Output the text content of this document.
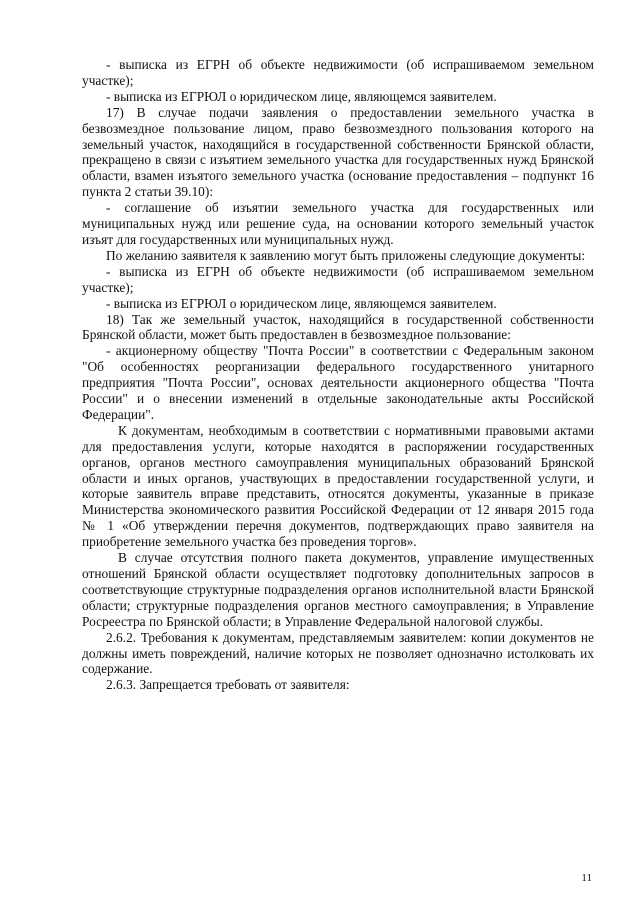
- выписка из ЕГРН об объекте недвижимости (об испрашиваемом земельном участке);

- выписка из ЕГРЮЛ о юридическом лице, являющемся заявителем.

17) В случае подачи заявления о предоставлении земельного участка в безвозмездное пользование лицом, право безвозмездного пользования которого на земельный участок, находящийся в государственной собственности Брянской области, прекращено в связи с изъятием земельного участка для государственных нужд Брянской области, взамен изъятого земельного участка (основание предоставления – подпункт 16 пункта 2 статьи 39.10):

- соглашение об изъятии земельного участка для государственных или муниципальных нужд или решение суда, на основании которого земельный участок изъят для государственных или муниципальных нужд.

По желанию заявителя к заявлению могут быть приложены следующие документы:

- выписка из ЕГРН об объекте недвижимости (об испрашиваемом земельном участке);

- выписка из ЕГРЮЛ о юридическом лице, являющемся заявителем.

18) Так же земельный участок, находящийся в государственной собственности Брянской области, может быть предоставлен в безвозмездное пользование:

- акционерному обществу "Почта России" в соответствии с Федеральным законом "Об особенностях реорганизации федерального государственного унитарного предприятия "Почта России", основах деятельности акционерного общества "Почта России" и о внесении изменений в отдельные законодательные акты Российской Федерации".

К документам, необходимым в соответствии с нормативными правовыми актами для предоставления услуги, которые находятся в распоряжении государственных органов, органов местного самоуправления муниципальных образований Брянской области и иных органов, участвующих в предоставлении государственной услуги, и которые заявитель вправе представить, относятся документы, указанные в приказе Министерства экономического развития Российской Федерации от 12 января 2015 года № 1 «Об утверждении перечня документов, подтверждающих право заявителя на приобретение земельного участка без проведения торгов».

В случае отсутствия полного пакета документов, управление имущественных отношений Брянской области осуществляет подготовку дополнительных запросов в соответствующие структурные подразделения органов исполнительной власти Брянской области; структурные подразделения органов местного самоуправления; в Управление Росреестра по Брянской области; в Управление Федеральной налоговой службы.

2.6.2. Требования к документам, представляемым заявителем: копии документов не должны иметь повреждений, наличие которых не позволяет однозначно истолковать их содержание.

2.6.3. Запрещается требовать от заявителя:

11
